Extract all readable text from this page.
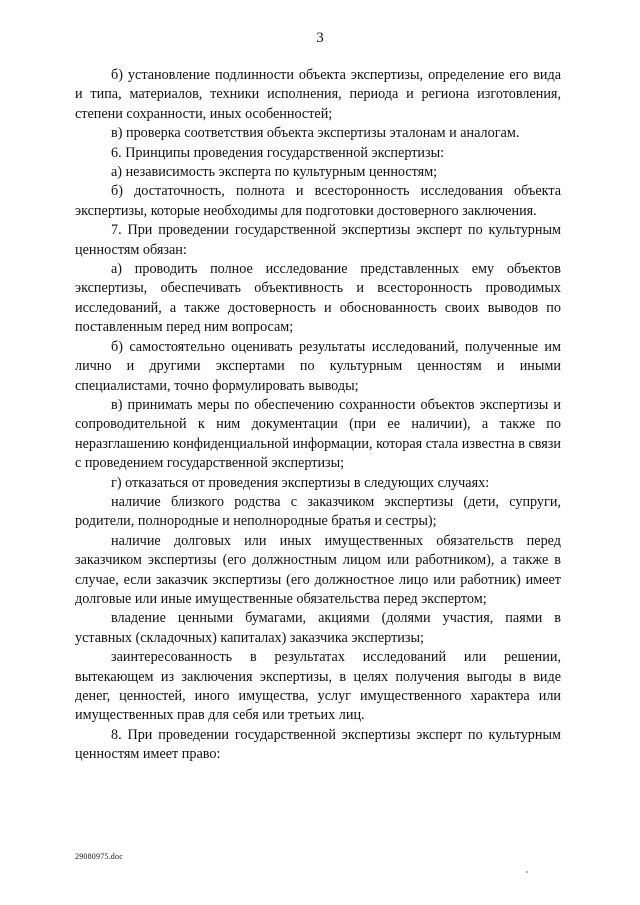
3

б) установление подлинности объекта экспертизы, определение его вида и типа, материалов, техники исполнения, периода и региона изготовления, степени сохранности, иных особенностей;

в) проверка соответствия объекта экспертизы эталонам и аналогам.

6. Принципы проведения государственной экспертизы:

а) независимость эксперта по культурным ценностям;

б) достаточность, полнота и всесторонность исследования объекта экспертизы, которые необходимы для подготовки достоверного заключения.

7. При проведении государственной экспертизы эксперт по культурным ценностям обязан:

а) проводить полное исследование представленных ему объектов экспертизы, обеспечивать объективность и всесторонность проводимых исследований, а также достоверность и обоснованность своих выводов по поставленным перед ним вопросам;

б) самостоятельно оценивать результаты исследований, полученные им лично и другими экспертами по культурным ценностям и иными специалистами, точно формулировать выводы;

в) принимать меры по обеспечению сохранности объектов экспертизы и сопроводительной к ним документации (при ее наличии), а также по неразглашению конфиденциальной информации, которая стала известна в связи с проведением государственной экспертизы;

г) отказаться от проведения экспертизы в следующих случаях:

наличие близкого родства с заказчиком экспертизы (дети, супруги, родители, полнородные и неполнородные братья и сестры);

наличие долговых или иных имущественных обязательств перед заказчиком экспертизы (его должностным лицом или работником), а также в случае, если заказчик экспертизы (его должностное лицо или работник) имеет долговые или иные имущественные обязательства перед экспертом;

владение ценными бумагами, акциями (долями участия, паями в уставных (складочных) капиталах) заказчика экспертизы;

заинтересованность в результатах исследований или решении, вытекающем из заключения экспертизы, в целях получения выгоды в виде денег, ценностей, иного имущества, услуг имущественного характера или имущественных прав для себя или третьих лиц.

8. При проведении государственной экспертизы эксперт по культурным ценностям имеет право:

29080975.doc
